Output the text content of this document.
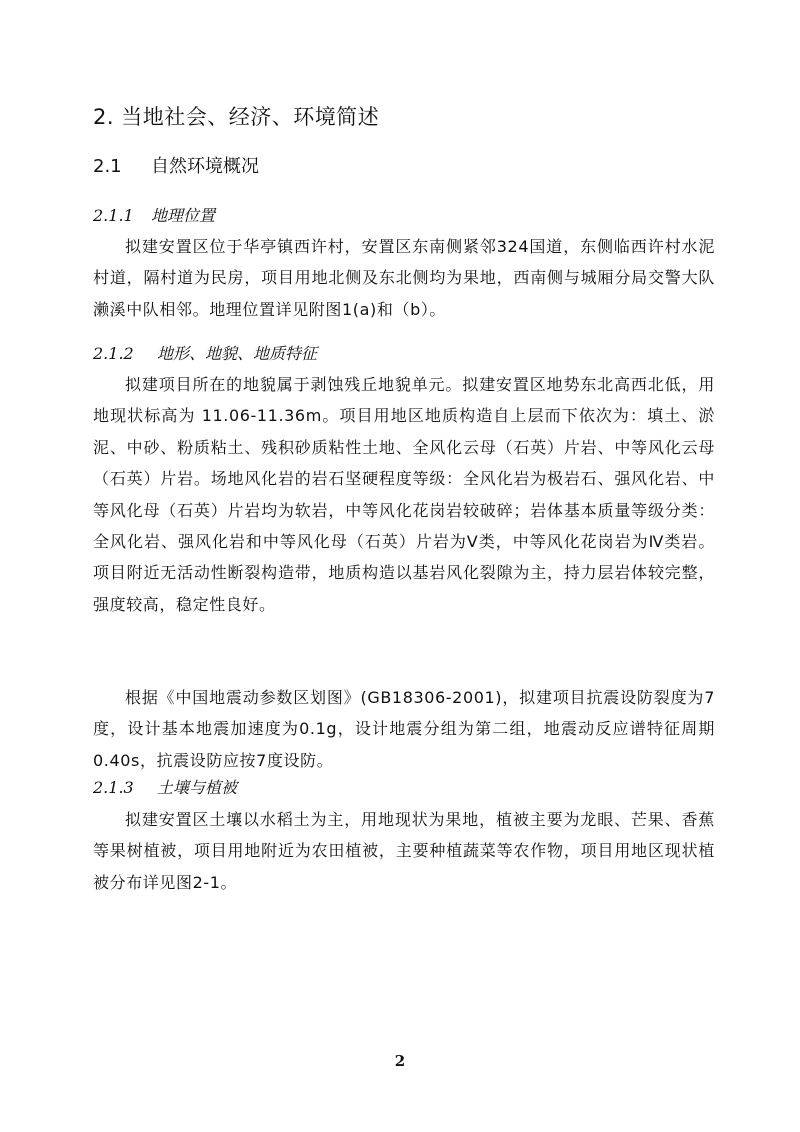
2. 当地社会、经济、环境简述
2.1 自然环境概况
2.1.1 地理位置
拟建安置区位于华亭镇西许村，安置区东南侧紧邻324国道，东侧临西许村水泥村道，隔村道为民房，项目用地北侧及东北侧均为果地，西南侧与城厢分局交警大队濑溪中队相邻。地理位置详见附图1(a)和（b）。
2.1.2 地形、地貌、地质特征
拟建项目所在的地貌属于剥蚀残丘地貌单元。拟建安置区地势东北高西北低，用地现状标高为 11.06-11.36m。项目用地区地质构造自上层而下依次为：填土、淤泥、中砂、粉质粘土、残积砂质粘性土地、全风化云母（石英）片岩、中等风化云母（石英）片岩。场地风化岩的岩石坚硬程度等级：全风化岩为极岩石、强风化岩、中等风化母（石英）片岩均为软岩，中等风化花岗岩较破碎；岩体基本质量等级分类：全风化岩、强风化岩和中等风化母（石英）片岩为Ⅴ类，中等风化花岗岩为Ⅳ类岩。项目附近无活动性断裂构造带，地质构造以基岩风化裂隙为主，持力层岩体较完整，强度较高，稳定性良好。
根据《中国地震动参数区划图》(GB18306-2001)，拟建项目抗震设防裂度为7度，设计基本地震加速度为0.1g，设计地震分组为第二组，地震动反应谱特征周期0.40s，抗震设防应按7度设防。
2.1.3 土壤与植被
拟建安置区土壤以水稻土为主，用地现状为果地，植被主要为龙眼、芒果、香蕉等果树植被，项目用地附近为农田植被，主要种植蔬菜等农作物，项目用地区现状植被分布详见图2-1。
2
